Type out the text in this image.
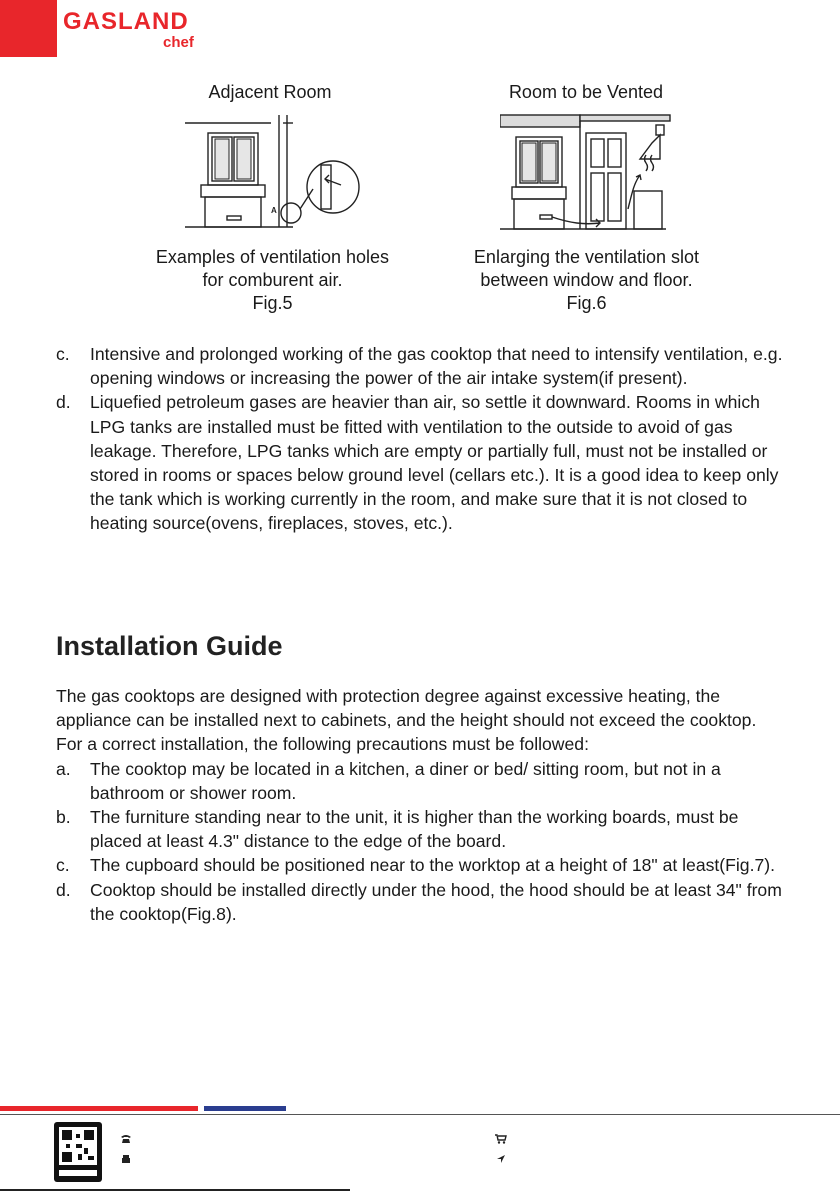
GASLAND
chef
Adjacent Room	Room to be Vented
A
Examples of ventilation holes
for comburent air.
Fig.5
Enlarging the ventilation slot
between window and floor.
Fig.6
c. Intensive and prolonged working of the gas cooktop that need to intensify ventilation, e.g. opening windows or increasing the power of the air intake system(if present).
d. Liquefied petroleum gases are heavier than air, so settle it downward. Rooms in which LPG tanks are installed must be fitted with ventilation to the outside to avoid of gas leakage. Therefore, LPG tanks which are empty or partially full, must not be installed or stored in rooms or spaces below ground level (cellars etc.). It is a good idea to keep only the tank which is working currently in the room, and make sure that it is not closed to heating source(ovens, fireplaces, stoves, etc.).
Installation Guide
The gas cooktops are designed with protection degree against excessive heating, the appliance can be installed next to cabinets, and the height should not exceed the cooktop. For a correct installation, the following precautions must be followed:
a. The cooktop may be located in a kitchen, a diner or bed/ sitting room, but not in a bathroom or shower room.
b. The furniture standing near to the unit, it is higher than the working boards, must be placed at least 4.3" distance to the edge of the board.
c. The cupboard should be positioned near to the worktop at a height of 18" at least(Fig.7).
d. Cooktop should be installed directly under the hood, the hood should be at least 34" from the cooktop(Fig.8).
